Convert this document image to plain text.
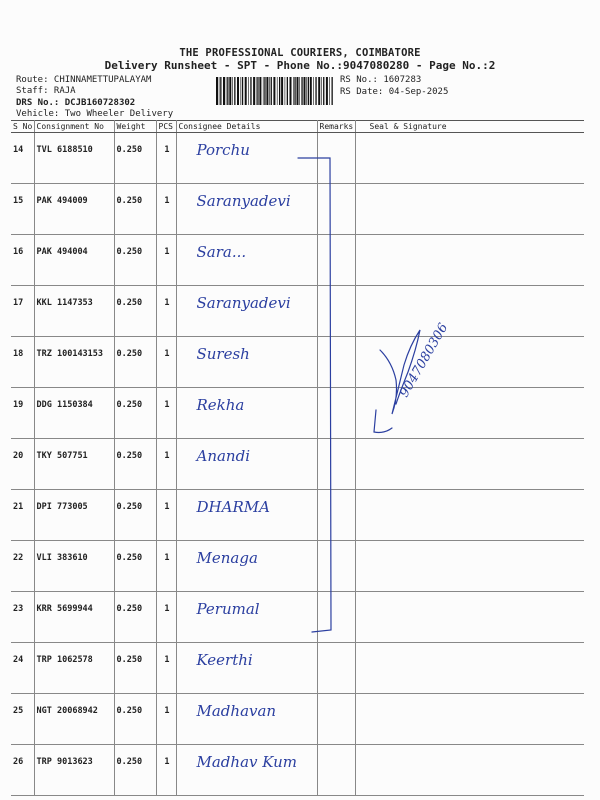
THE PROFESSIONAL COURIERS, COIMBATORE
Delivery Runsheet - SPT - Phone No.:9047080280 - Page No.:2
Route: CHINNAMETTUPALAYAM
Staff: RAJA
DRS No.: DCJB160728302
Vehicle: Two Wheeler Delivery
RS No.: 1607283
RS Date: 04-Sep-2025
S No	Consignment No	Weight	PCS	Consignee Details	Remarks	Seal & Signature
14	TVL 6188510	0.250	1	Porchu		

15	PAK 494009	0.250	1	Saranyadevi		

16	PAK 494004	0.250	1	Sara...		

17	KKL 1147353	0.250	1	Saranyadevi		

18	TRZ 100143153	0.250	1	Suresh		

19	DDG 1150384	0.250	1	Rekha		

20	TKY 507751	0.250	1	Anandi		

21	DPI 773005	0.250	1	DHARMA		

22	VLI 383610	0.250	1	Menaga		

23	KRR 5699944	0.250	1	Perumal		

24	TRP 1062578	0.250	1	Keerthi		

25	NGT 20068942	0.250	1	Madhavan		

26	TRP 9013623	0.250	1	Madhav Kum		

9047080306
